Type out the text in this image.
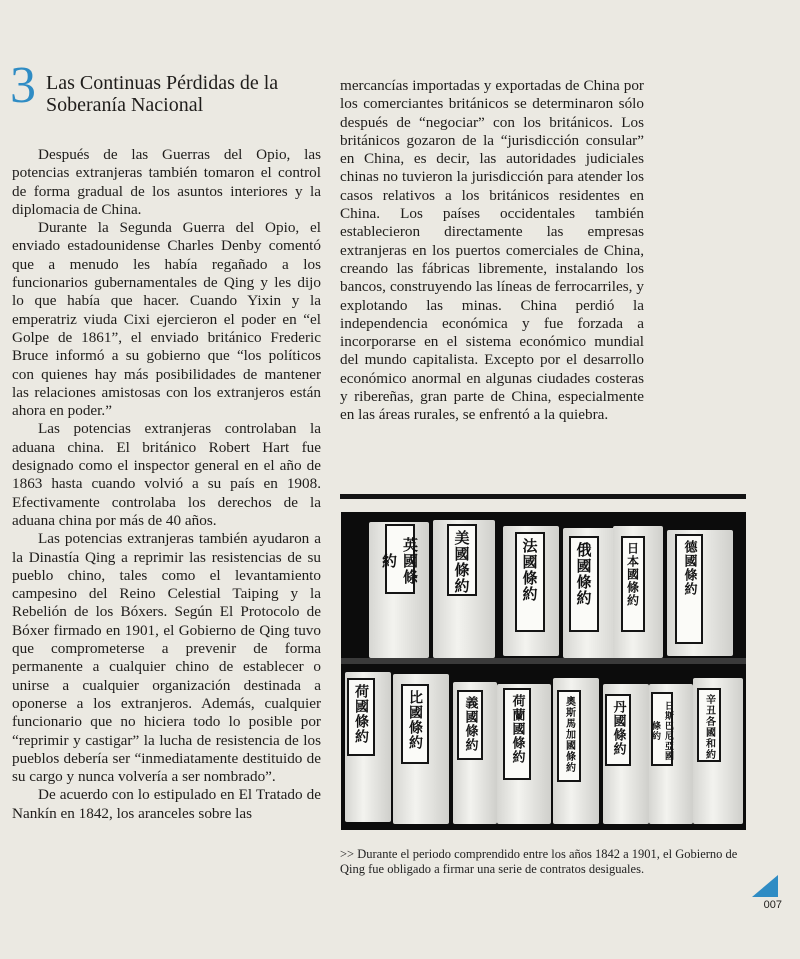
3 Las Continuas Pérdidas de la Soberanía Nacional

Después de las Guerras del Opio, las potencias extranjeras también tomaron el control de forma gradual de los asuntos interiores y la diplomacia de China.

Durante la Segunda Guerra del Opio, el enviado estadounidense Charles Denby comentó que a menudo les había regañado a los funcionarios gubernamentales de Qing y les dijo lo que había que hacer. Cuando Yixin y la emperatriz viuda Cixi ejercieron el poder en “el Golpe de 1861”, el enviado británico Frederic Bruce informó a su gobierno que “los políticos con quienes hay más posibilidades de mantener las relaciones amistosas con los extranjeros están ahora en poder.”

Las potencias extranjeras controlaban la aduana china. El británico Robert Hart fue designado como el inspector general en el año de 1863 hasta cuando volvió a su país en 1908. Efectivamente controlaba los derechos de la aduana china por más de 40 años.

Las potencias extranjeras también ayudaron a la Dinastía Qing a reprimir las resistencias de su pueblo chino, tales como el levantamiento campesino del Reino Celestial Taiping y la Rebelión de los Bóxers. Según El Protocolo de Bóxer firmado en 1901, el Gobierno de Qing tuvo que comprometerse a prevenir de forma permanente a cualquier chino de establecer o unirse a cualquier organización destinada a oponerse a los extranjeros. Además, cualquier funcionario que no hiciera todo lo posible por “reprimir y castigar” la lucha de resistencia de los pueblos debería ser “inmediatamente destituido de su cargo y nunca volvería a ser nombrado”.

De acuerdo con lo estipulado en El Tratado de Nankín en 1842, los aranceles sobre las

mercancías importadas y exportadas de China por los comerciantes británicos se determinaron sólo después de “negociar” con los británicos. Los británicos gozaron de la “jurisdicción consular” en China, es decir, las autoridades judiciales chinas no tuvieron la jurisdicción para atender los casos relativos a los británicos residentes en China. Los países occidentales también establecieron directamente las empresas extranjeras en los puertos comerciales de China, creando las fábricas libremente, instalando los bancos, construyendo las líneas de ferrocarriles, y explotando las minas. China perdió la independencia económica y fue forzada a incorporarse en el sistema económico mundial del mundo capitalista. Excepto por el desarrollo económico anormal en algunas ciudades costeras y ribereñas, gran parte de China, especialmente en las áreas rurales, se enfrentó a la quiebra.

英國條約	美國條約	法國條約	俄國條約	日本國條約	德國條約
荷國條約	比國條約	義國條約	荷蘭國條約	奧斯馬加國條約	丹國條約	日斯巴尼亞國條約	辛丑各國和約
>> Durante el periodo comprendido entre los años 1842 a 1901, el Gobierno de Qing fue obligado a firmar una serie de contratos desiguales.
007
